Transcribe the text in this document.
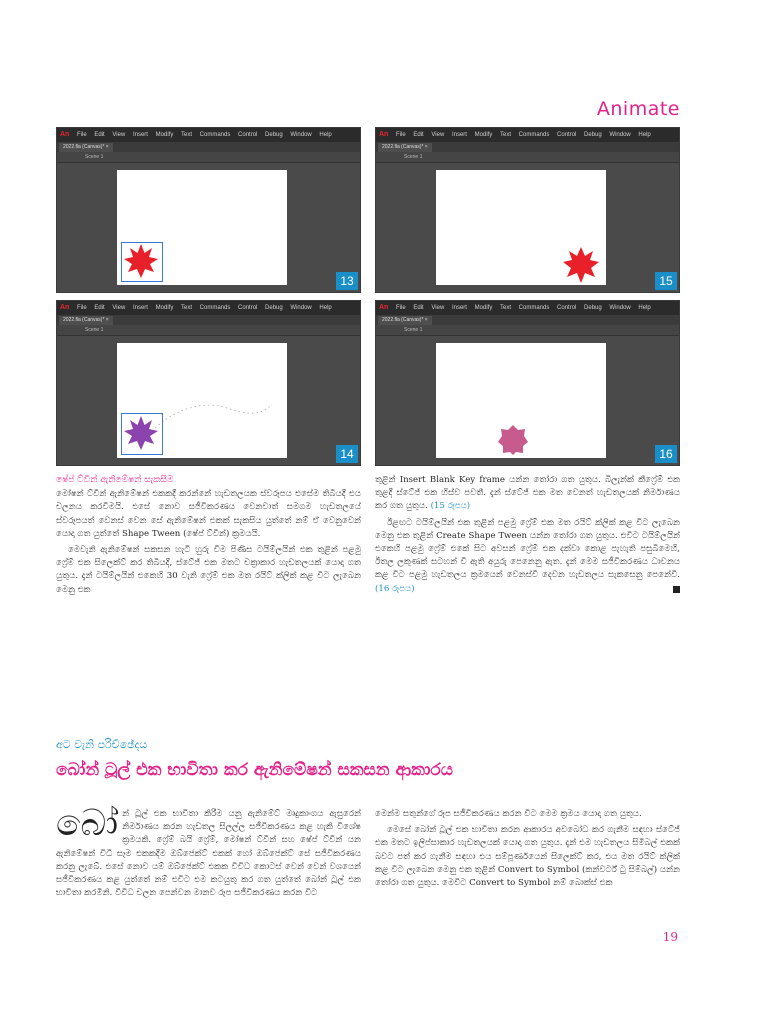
Animate
An File Edit View Insert Modify Text Commands Control Debug Window Help
2022.fla (Canvas)* ×
Scene 1
13
An File Edit View Insert Modify Text Commands Control Debug Window Help
2022.fla (Canvas)* ×
Scene 1
15
An File Edit View Insert Modify Text Commands Control Debug Window Help
2022.fla (Canvas)* ×
Scene 1
14
An File Edit View Insert Modify Text Commands Control Debug Window Help
2022.fla (Canvas)* ×
Scene 1
16
ෂේප් ට්වීන් ඇනිමේෂන් සැකසීම

මෝෂන් ට්වීන් ඇනිමේෂන් එකකදී කරන්නේ හැඩතලයක ස්වරූපය එසේම තිබියදී එය චලනය කරවීමයි. එසේ නොව සජීවිකරණය වෙනවාත් සමගම හැඩතලයේ ස්වරූපයත් වෙනස් වෙන සේ ඇනිමේෂන් එකක් සැකසිය යුත්තේ නම් ඒ වෙනුවෙන් යොදා ගත යුත්තේ Shape Tween (ෂේප් ට්වීන්) ක්‍රමයයි.

මෙවැනි ඇනිමේෂන් සකසන හැටි හුරු වීම පිණිස ටයිම්ලයින් එක තුළින් පළමු ෆ්‍රේම් එක සිලෙක්ට් කර තිබියදී, ස්ටේජ් එක මතට චක්‍රාකාර හැඩතලයක් යොදා ගත යුතුය. දැන් ටයිම්ලයින් එකෙහි 30 වැනි ෆ්‍රේම් එක මත රයිට් ක්ලික් කළ විට ලැබෙන මෙනු එක

තුළින් Insert Blank Key frame යන්න තෝරා ගත යුතුය. බිලැන්ක් කීෆ්‍රේම් එක තුළදී ස්ටේජ් එක හිස්ව පවතී. දැන් ස්ටේජ් එක මත වෙනත් හැඩතලයක් නිර්මාණය කර ගත යුතුය. (15 රූපය)

ඊළඟට ටයිම්ලයින් එක තුළින් පළමු ෆ්‍රේම් එක මත රයිට් ක්ලික් කළ විට ලැබෙන මෙනු එක තුළින් Create Shape Tween යන්න තෝරා ගත යුතුය. එවිට ටයිම්ලයින් එකෙහි පළමු ෆ්‍රේම් එකේ සිට අවසන් ෆ්‍රේම් එක දක්වා කොළ පැහැති පසුබිමෙහි, ඊතල ලකුණක් සටහන් වී ඇති අයුරු පෙනෙනු ඇත. දැන් මෙම සජීවිකරණය ධාවනය කළ විට පළමු හැඩතලය ක්‍රමයෙන් වෙනස්වී දෙවන හැඩතලය සැකසෙනු පෙනේවි. (16 රූපය)

අට වැනි පරිච්ඡේදය
බෝන් ටූල් එක භාවිතා කර ඇනිමේෂන් සකසන ආකාරය
බෝ න් ටූල් එක භාවිතා කිරීම යනු ඇනිමේට් මෘදුකාංගය ඇසුරෙන් නිර්මාණය කරන හැඩතල සිලල්ල සජීවිකරණය කළ හැකි විශේෂ ක්‍රමයකි. ෆ්‍රේම් බයි ෆ්‍රේම්, මෝෂන් ට්වීන් සහ ෂේප් ට්වීන් යන ඇනිමේෂන් විධි සෑම එකකදීම ඔබ්ජෙක්ට් එකක් හෝ ඔබ්ජෙක්ට් සේ සජීවිකරණය කරනු ලැබේ. එසේ නොව යම් ඔබ්ජෙක්ට් එකක විවිධ කොටස් වෙන් වෙන් වශයෙන් සජීවිකරණය කළ යුත්තේ නම් එවිට එම කටයුතු කර ගත යුත්තේ බෝන් ටූල් එක භාවිතා කරමිනි. විවිධ චලන පෙන්වන මානව රූප සජීවිකරණය කරන විට

මෙන්ම සතුන්ගේ රූප සජීවිකරණය කරන විට මෙම ක්‍රමය යොදා ගත යුතුය.

මෙසේ බෝන් ටූල් එක භාවිතා කරන ආකාරය අවබෝධ කර ගැනීම සඳහා ස්ටේජ් එක මතට ඉලිප්සාකාර හැඩතලයක් යොදා ගත යුතුය. දැන් එම හැඩතලය සිමිබල් එකක් බවට පත් කර ගැනීම සඳහා එය සම්පූර්ණයෙන් සිලෙක්ට් කර, එය මත රයිට් ක්ලික් කළ විට ලැබෙන මෙනු එක තුළින් Convert to Symbol (කන්වර්ට් ටු සිම්බල්) යන්න තෝරා ගත යුතුය. මෙවිට Convert to Symbol නම් බොක්ස් එක

19
